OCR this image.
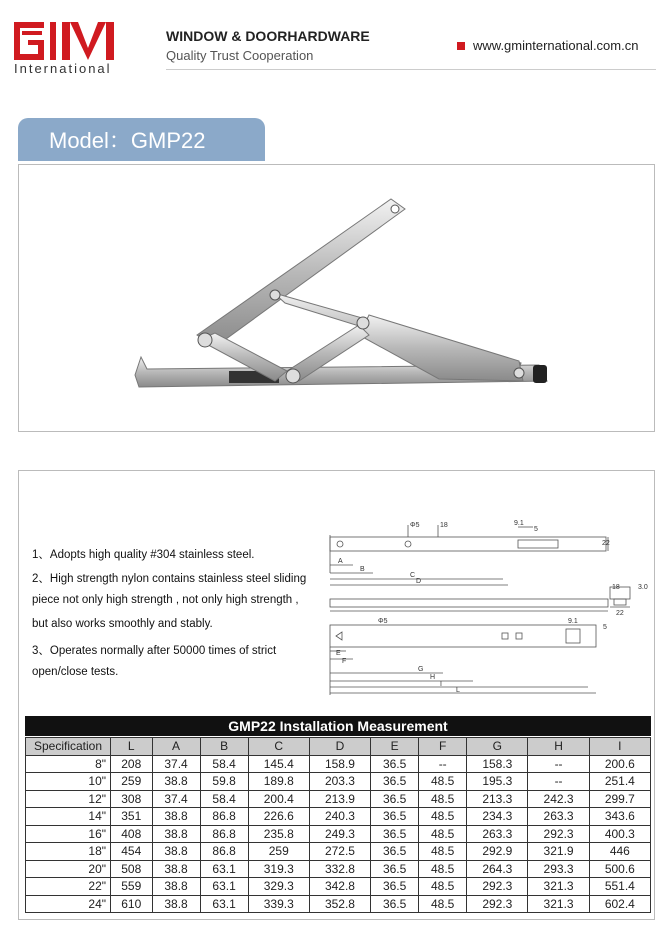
International
WINDOW & DOORHARDWARE
Quality Trust Cooperation
www.gminternational.com.cn
Model：GMP22
1、Adopts high quality #304 stainless steel.
2、High strength nylon contains stainless steel sliding
piece not only high strength , not only high strength ,
but also works smoothly and stably.
3、Operates normally after 50000 times of strict
open/close tests.
Φ5	18	9.1
5
22
A
B
C
D
18	3.0
22
Φ5	9.1
5
E
F
G
H
I
L
GMP22 Installation Measurement
Specification	L	A	B	C	D	E	F	G	H	I
8"	208	37.4	58.4	145.4	158.9	36.5	--	158.3	--	200.6
10"	259	38.8	59.8	189.8	203.3	36.5	48.5	195.3	--	251.4
12"	308	37.4	58.4	200.4	213.9	36.5	48.5	213.3	242.3	299.7
14"	351	38.8	86.8	226.6	240.3	36.5	48.5	234.3	263.3	343.6
16"	408	38.8	86.8	235.8	249.3	36.5	48.5	263.3	292.3	400.3
18"	454	38.8	86.8	259	272.5	36.5	48.5	292.9	321.9	446
20"	508	38.8	63.1	319.3	332.8	36.5	48.5	264.3	293.3	500.6
22"	559	38.8	63.1	329.3	342.8	36.5	48.5	292.3	321.3	551.4
24"	610	38.8	63.1	339.3	352.8	36.5	48.5	292.3	321.3	602.4
